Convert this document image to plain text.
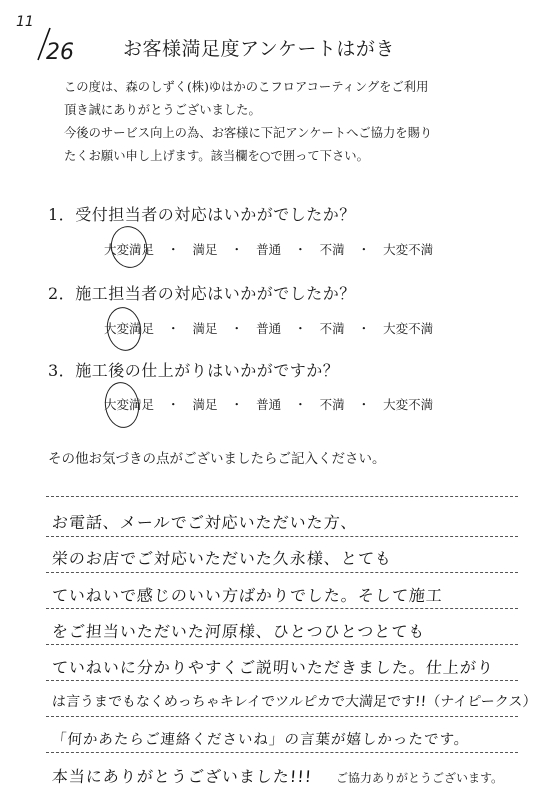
11
26	お客様満足度アンケートはがき
この度は、森のしずく(株)ゆはかのこフロアコーティングをご利用
頂き誠にありがとうございました。
今後のサービス向上の為、お客様に下記アンケートへご協力を賜り
たくお願い申し上げます。該当欄を○で囲って下さい。
1．受付担当者の対応はいかがでしたか？
大変満足 ・ 満足 ・ 普通 ・ 不満 ・ 大変不満
2．施工担当者の対応はいかがでしたか？
大変満足 ・ 満足 ・ 普通 ・ 不満 ・ 大変不満
3．施工後の仕上がりはいかがですか？
大変満足 ・ 満足 ・ 普通 ・ 不満 ・ 大変不満
その他お気づきの点がございましたらご記入ください。
お電話、メールでご対応いただいた方、
栄のお店でご対応いただいた久永様、とても
ていねいで感じのいい方ばかりでした。そして施工
をご担当いただいた河原様、ひとつひとつとても
ていねいに分かりやすくご説明いただきました。仕上がり
は言うまでもなくめっちゃキレイでツルピカで大満足です!!（ナイピークス）
「何かあたらご連絡くださいね」の言葉が嬉しかったです。
本当にありがとうございました!!! ご協力ありがとうございます。
